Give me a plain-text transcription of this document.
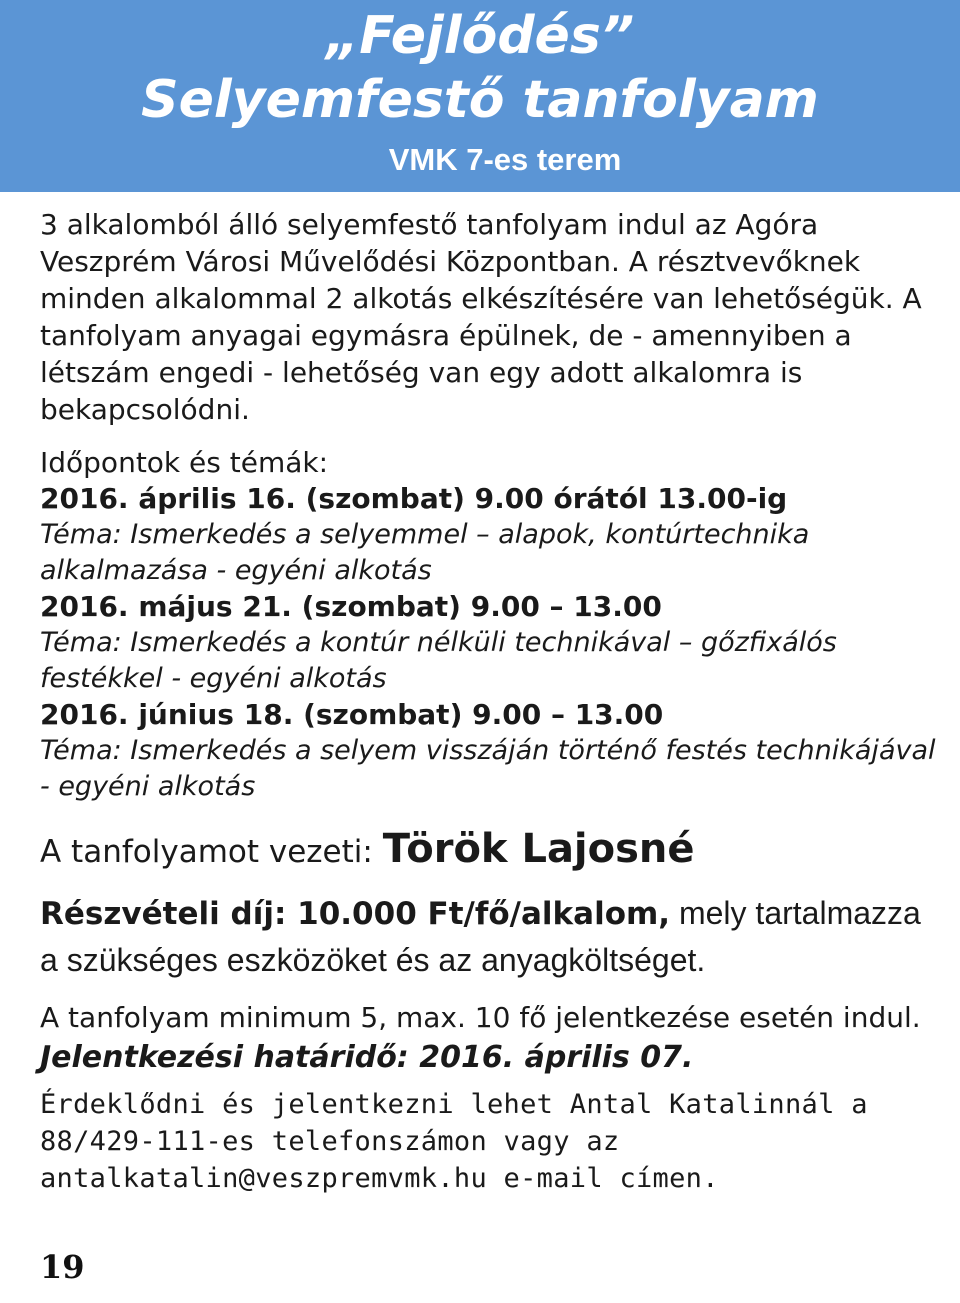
„Fejlődés”
Selyemfestő tanfolyam
VMK 7-es terem

3 alkalomból álló selyemfestő tanfolyam indul az Agóra Veszprém Városi Művelődési Központban. A résztvevőknek minden alkalommal 2 alkotás elkészítésére van lehetőségük. A tanfolyam anyagai egymásra épülnek, de - amennyiben a létszám engedi - lehetőség van egy adott alkalomra is bekapcsolódni.

Időpontok és témák:

2016. április 16. (szombat) 9.00 órától 13.00-ig

Téma: Ismerkedés a selyemmel – alapok, kontúrtechnika alkalmazása - egyéni alkotás

2016. május 21. (szombat) 9.00 – 13.00

Téma: Ismerkedés a kontúr nélküli technikával – gőzfixálós festékkel - egyéni alkotás

2016. június 18. (szombat) 9.00 – 13.00

Téma: Ismerkedés a selyem visszáján történő festés technikájával - egyéni alkotás

A tanfolyamot vezeti: Török Lajosné

Részvételi díj: 10.000 Ft/fő/alkalom, mely tartalmazza a szükséges eszközöket és az anyagköltséget.

A tanfolyam minimum 5, max. 10 fő jelentkezése esetén indul.

Jelentkezési határidő: 2016. április 07.

Érdeklődni és jelentkezni lehet Antal Katalinnál a 88/429-111-es telefonszámon vagy az antalkatalin@veszpremvmk.hu e-mail címen.

19
